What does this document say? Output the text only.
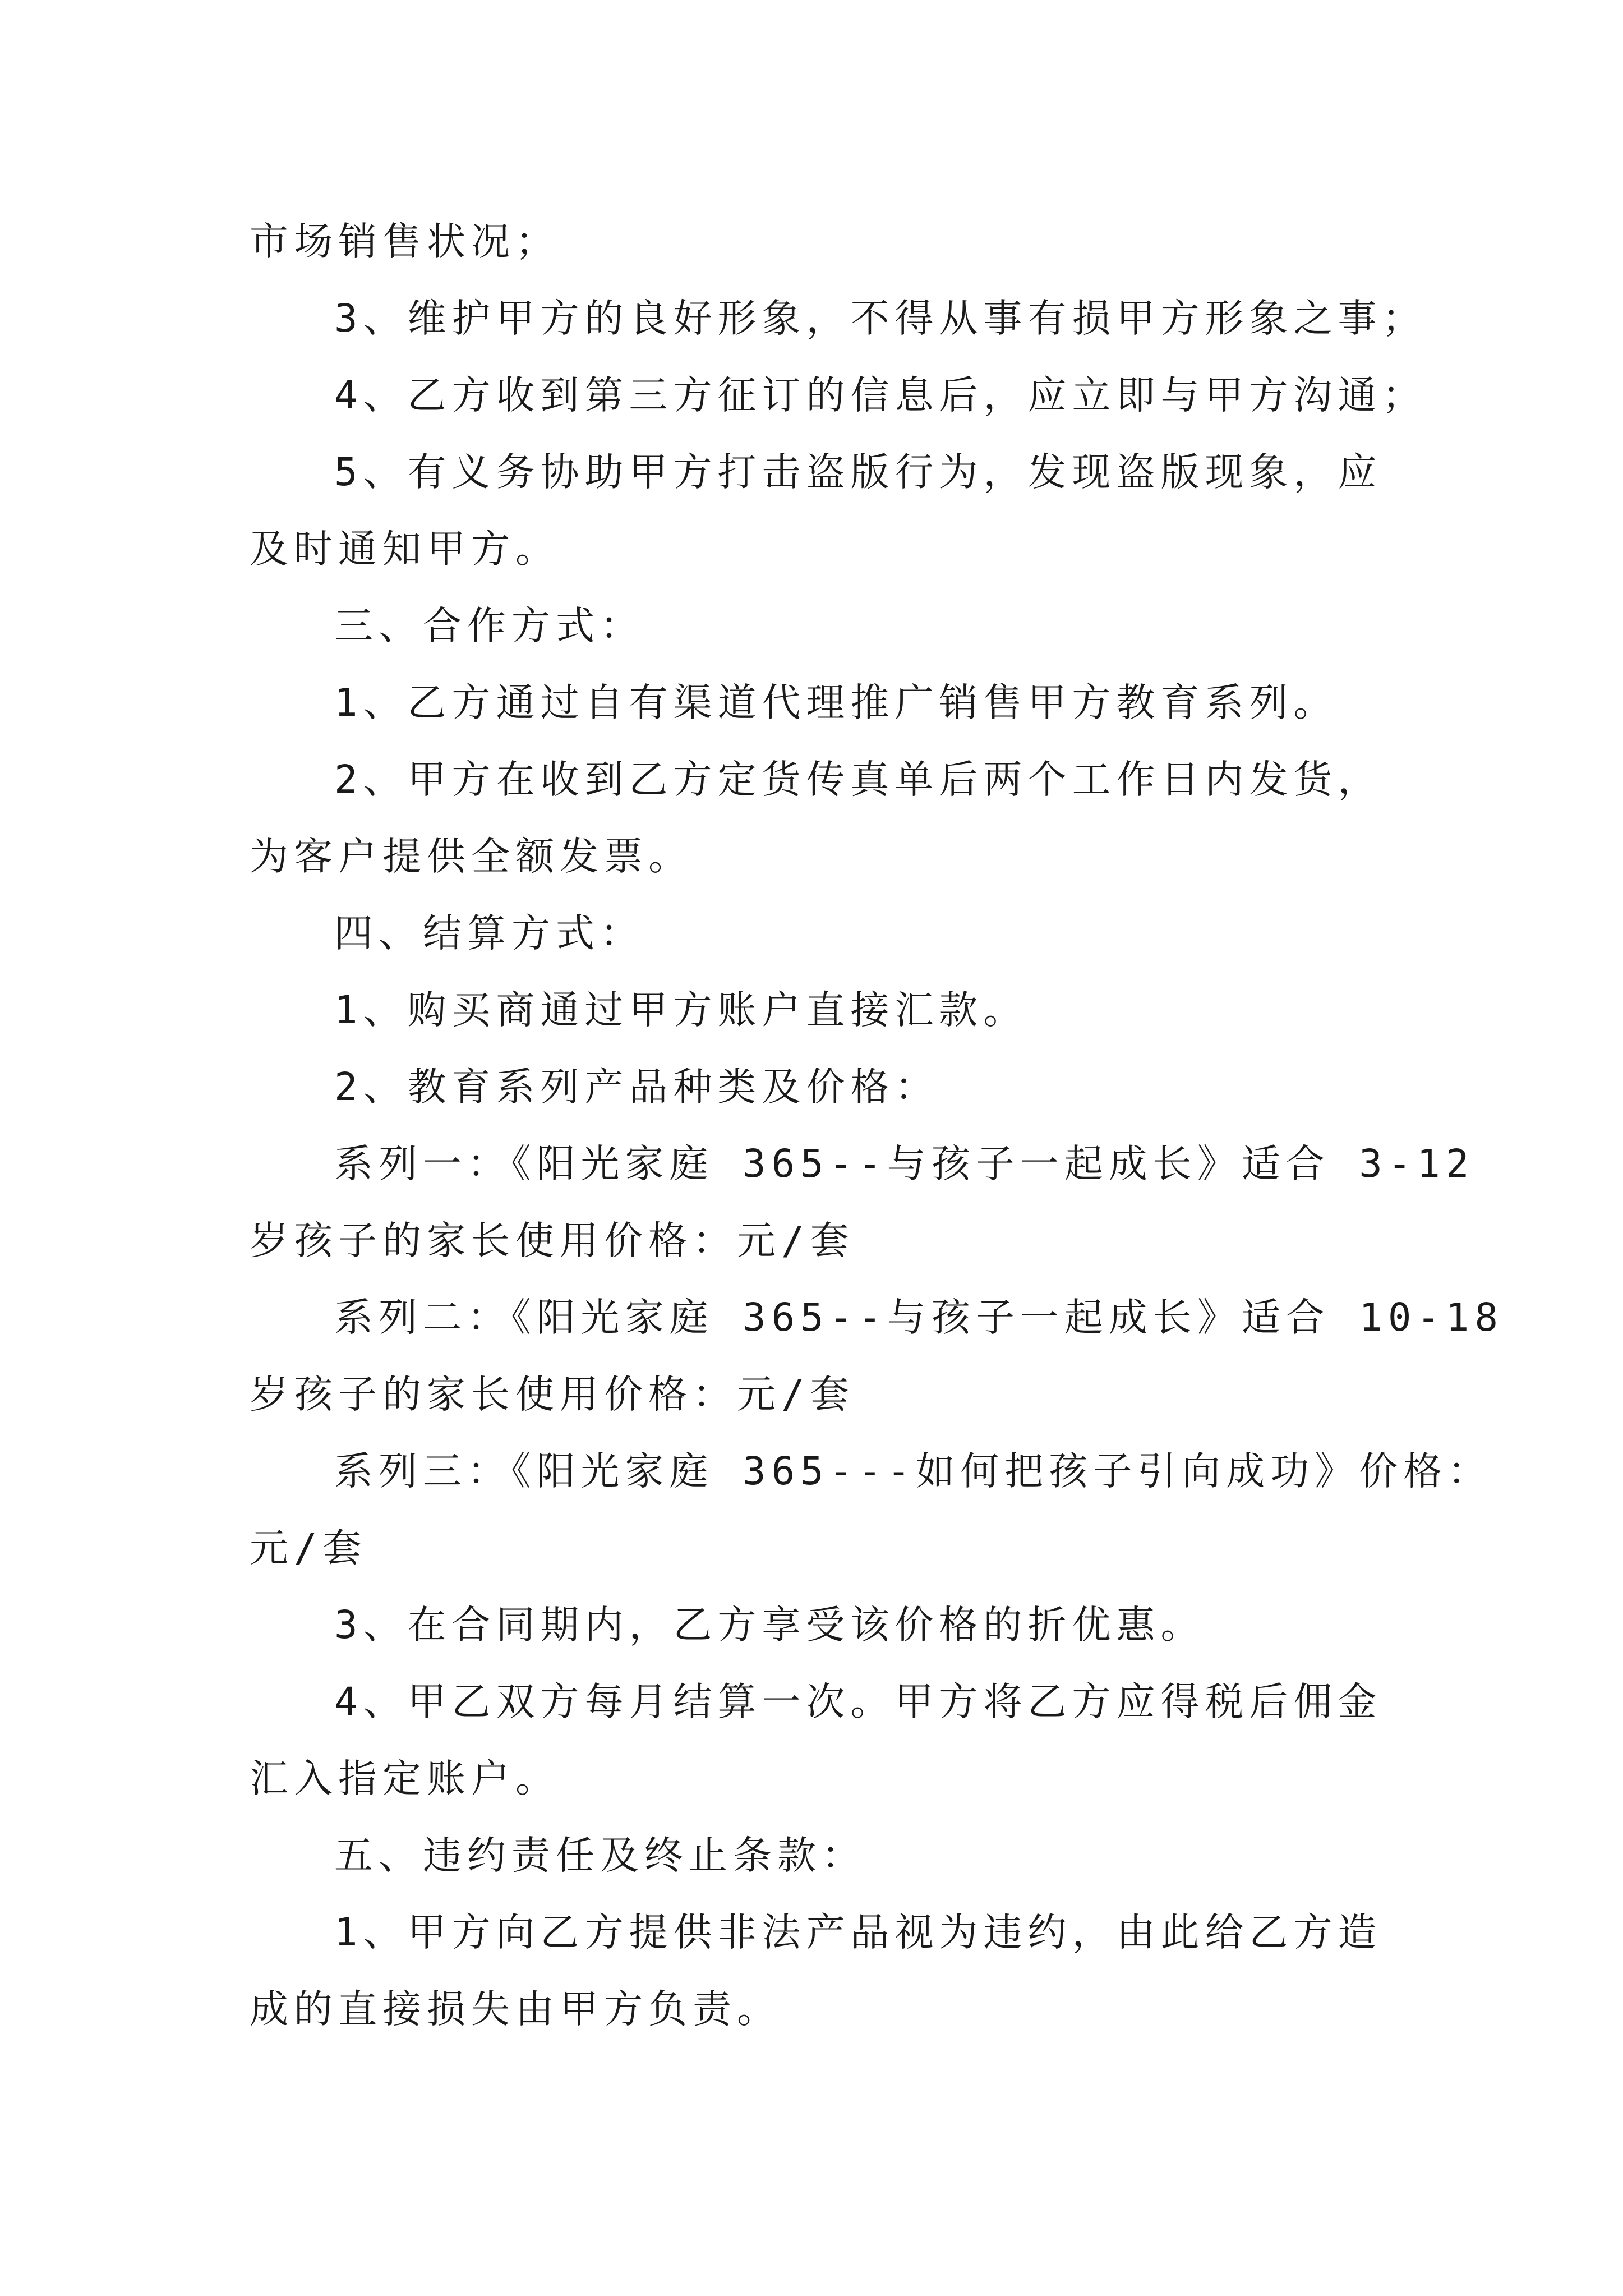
市场销售状况；

3、维护甲方的良好形象，不得从事有损甲方形象之事；

4、乙方收到第三方征订的信息后，应立即与甲方沟通；

5、有义务协助甲方打击盗版行为，发现盗版现象，应

及时通知甲方。

三、合作方式：

1、乙方通过自有渠道代理推广销售甲方教育系列。

2、甲方在收到乙方定货传真单后两个工作日内发货，

为客户提供全额发票。

四、结算方式：

1、购买商通过甲方账户直接汇款。

2、教育系列产品种类及价格：

系列一：《阳光家庭 365--与孩子一起成长》适合 3-12

岁孩子的家长使用价格：元/套

系列二：《阳光家庭 365--与孩子一起成长》适合 10-18

岁孩子的家长使用价格：元/套

系列三：《阳光家庭 365---如何把孩子引向成功》价格：

元/套

3、在合同期内，乙方享受该价格的折优惠。

4、甲乙双方每月结算一次。甲方将乙方应得税后佣金

汇入指定账户。

五、违约责任及终止条款：

1、甲方向乙方提供非法产品视为违约，由此给乙方造

成的直接损失由甲方负责。
